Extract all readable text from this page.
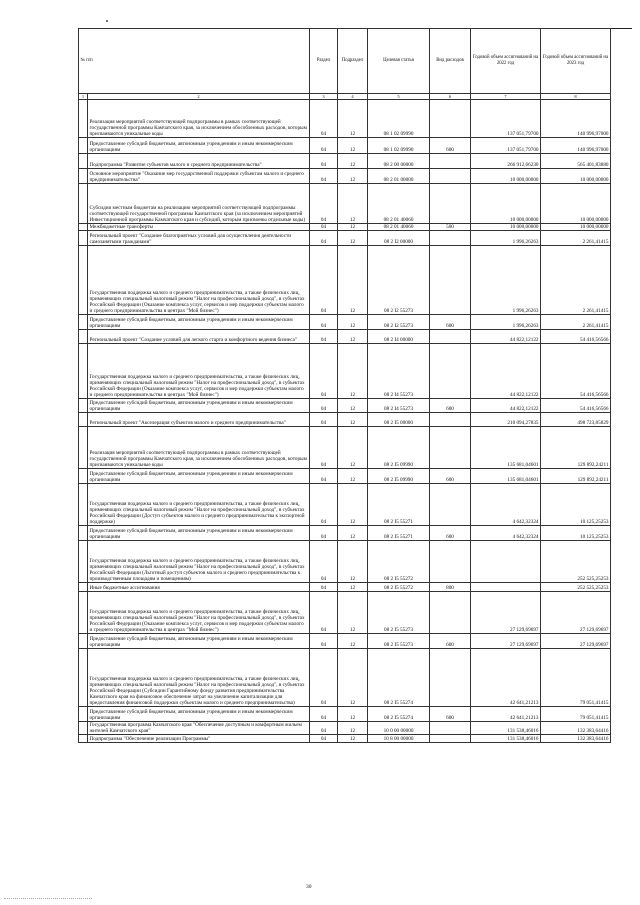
№ п/п		Раздел	Подраздел	Целевая статья	Вид расходов	Годовой объем ассигнований на 2022 год	Годовой объем ассигнований на 2023 год
1	2	3	4	5	6	7	8
	Реализация мероприятий соответствующей подпрограммы в рамках соответствующей государственной программы Камчатского края, за исключением обособленных расходов, которым присваиваются уникальные коды	04	12	08 1 02 09990		137 051,79700	140 996,97000
	Предоставление субсидий бюджетным, автономным учреждениям и иным некоммерческим организациям	04	12	08 1 02 09990	600	137 051,79700	140 996,97000
	Подпрограмма "Развитие субъектов малого и среднего предпринимательства"	04	12	08 2 00 00000		266 912,66230	565 401,83880
	Основное мероприятие "Оказание мер государственной поддержки субъектам малого и среднего предпринимательства"	04	12	08 2 01 00000		10 000,00000	10 000,00000
	Субсидии местным бюджетам на реализацию мероприятий соответствующей подпрограммы соответствующей государственной программы Камчатского края (за исключением мероприятий Инвестиционной программы Камчатского края и субсидий, которым присвоены отдельные коды)	04	12	08 2 01 40060		10 000,00000	10 000,00000
	Межбюджетные трансферты	04	12	08 2 01 40060	500	10 000,00000	10 000,00000
	Региональный проект "Создание благоприятных условий для осуществления деятельности самозанятыми гражданами"	04	12	08 2 I2 00000		1 996,26263	2 261,41415
	Государственная поддержка малого и среднего предпринимательства, а также физических лиц, применяющих специальный налоговый режим "Налог на профессиональный доход", в субъектах Российской Федерации (Оказание комплекса услуг, сервисов и мер поддержки субъектам малого и среднего предпринимательства в центрах "Мой бизнес")	04	12	08 2 I2 55273		1 996,26263	2 261,41415
	Предоставление субсидий бюджетным, автономным учреждениям и иным некоммерческим организациям	04	12	08 2 I2 55273	600	1 996,26263	2 261,41415
	Региональный проект "Создание условий для легкого старта и комфортного ведения бизнеса"	04	12	08 2 I4 00000		44 822,12122	54 416,56566
	Государственная поддержка малого и среднего предпринимательства, а также физических лиц, применяющих специальный налоговый режим "Налог на профессиональный доход", в субъектах Российской Федерации (Оказание комплекса услуг, сервисов и мер поддержки субъектам малого и среднего предпринимательства в центрах "Мой бизнес")	04	12	08 2 I4 55273		44 822,12122	54 416,56566
	Предоставление субсидий бюджетным, автономным учреждениям и иным некоммерческим организациям	04	12	08 2 I4 55273	600	44 822,12122	54 416,56566
	Региональный проект "Акселерация субъектов малого и среднего предпринимательства"	04	12	08 2 I5 00000		210 094,27835	498 723,85829
	Реализация мероприятий соответствующей подпрограммы в рамках соответствующей государственной программы Камчатского края, за исключением обособленных расходов, которым присваиваются уникальные коды	04	12	08 2 I5 09990		135 681,04601	129 892,24211
	Предоставление субсидий бюджетным, автономным учреждениям и иным некоммерческим организациям	04	12	08 2 I5 09990	600	135 681,04601	129 892,24211
	Государственная поддержка малого и среднего предпринимательства, а также физических лиц, применяющих специальный налоговый режим "Налог на профессиональный доход", в субъектах Российской Федерации (Доступ субъектов малого и среднего предпринимательства к экспортной поддержке)	04	12	08 2 I5 55271		4 642,32324	10 125,25253
	Предоставление субсидий бюджетным, автономным учреждениям и иным некоммерческим организациям	04	12	08 2 I5 55271	600	4 642,32324	10 125,25253
	Государственная поддержка малого и среднего предпринимательства, а также физических лиц, применяющих специальный налоговый режим "Налог на профессиональный доход", в субъектах Российской Федерации (Льготный доступ субъектов малого и среднего предпринимательства к производственным площадям и помещениям)	04	12	08 2 I5 55272			252 525,25253
	Иные бюджетные ассигнования	04	12	08 2 I5 55272	800		252 525,25253
	Государственная поддержка малого и среднего предпринимательства, а также физических лиц, применяющих специальный налоговый режим "Налог на профессиональный доход", в субъектах Российской Федерации (Оказание комплекса услуг, сервисов и мер поддержки субъектам малого и среднего предпринимательства в центрах "Мой бизнес")	04	12	08 2 I5 55273		27 129,69697	27 129,69697
	Предоставление субсидий бюджетным, автономным учреждениям и иным некоммерческим организациям	04	12	08 2 I5 55273	600	27 129,69697	27 129,69697
	Государственная поддержка малого и среднего предпринимательства, а также физических лиц, применяющих специальный налоговый режим "Налог на профессиональный доход", в субъектах Российской Федерации (Субсидии Гарантийному фонду развития предпринимательства Камчатского края на финансовое обеспечение затрат на увеличение капитализации для предоставления финансовой поддержки субъектам малого и среднего предпринимательства)	04	12	08 2 I5 55274		42 641,21213	79 051,41415
	Предоставление субсидий бюджетным, автономным учреждениям и иным некоммерческим организациям	04	12	08 2 I5 55274	600	42 641,21213	79 051,41415
	Государственная программа Камчатского края "Обеспечение доступным и комфортным жильем жителей Камчатского края"	04	12	10 0 00 00000		131 538,46016	132 383,64416
	Подпрограмма "Обеспечение реализации Программы"	04	12	10 8 00 00000		131 538,46016	132 383,64416
30
